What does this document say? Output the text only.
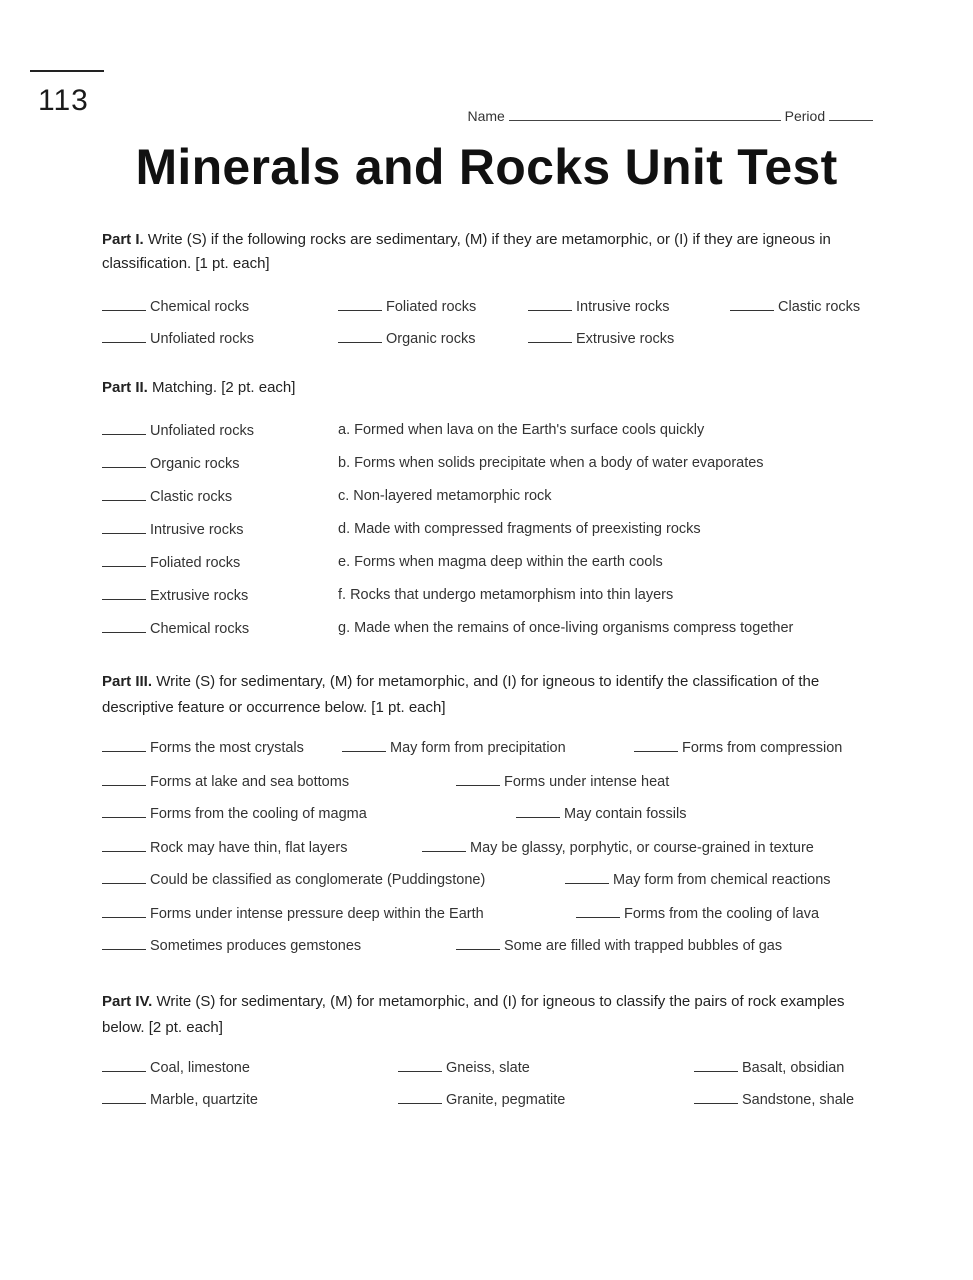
113	Name	Period
Minerals and Rocks Unit Test
Part I. Write (S) if the following rocks are sedimentary, (M) if they are metamorphic, or (I) if they are igneous in classification. [1 pt. each]
Chemical rocks	Foliated rocks	Intrusive rocks	Clastic rocks
Unfoliated rocks	Organic rocks	Extrusive rocks
Part II. Matching. [2 pt. each]
Unfoliated rocks	a. Formed when lava on the Earth's surface cools quickly
Organic rocks	b. Forms when solids precipitate when a body of water evaporates
Clastic rocks	c. Non-layered metamorphic rock
Intrusive rocks	d. Made with compressed fragments of preexisting rocks
Foliated rocks	e. Forms when magma deep within the earth cools
Extrusive rocks	f. Rocks that undergo metamorphism into thin layers
Chemical rocks	g. Made when the remains of once-living organisms compress together
Part III. Write (S) for sedimentary, (M) for metamorphic, and (I) for igneous to identify the classification of the descriptive feature or occurrence below. [1 pt. each]
Forms the most crystals	May form from precipitation	Forms from compression
Forms at lake and sea bottoms	Forms under intense heat
Forms from the cooling of magma	May contain fossils
Rock may have thin, flat layers	May be glassy, porphytic, or course-grained in texture
Could be classified as conglomerate (Puddingstone)	May form from chemical reactions
Forms under intense pressure deep within the Earth	Forms from the cooling of lava
Sometimes produces gemstones	Some are filled with trapped bubbles of gas
Part IV. Write (S) for sedimentary, (M) for metamorphic, and (I) for igneous to classify the pairs of rock examples below. [2 pt. each]
Coal, limestone	Gneiss, slate	Basalt, obsidian
Marble, quartzite	Granite, pegmatite	Sandstone, shale
